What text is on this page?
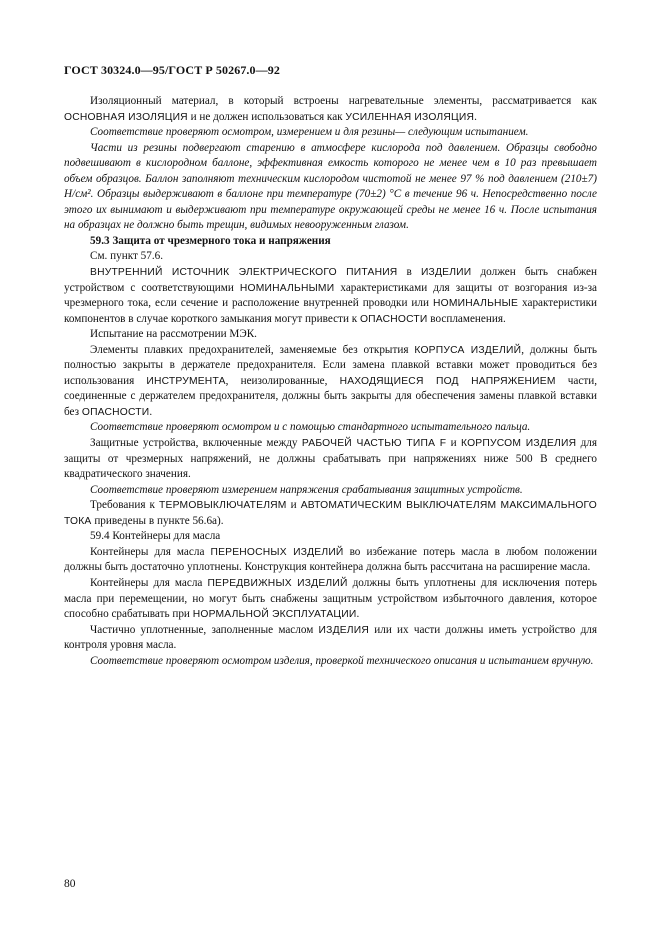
ГОСТ 30324.0—95/ГОСТ Р 50267.0—92

Изоляционный материал, в который встроены нагревательные элементы, рассматривается как ОСНОВНАЯ ИЗОЛЯЦИЯ и не должен использоваться как УСИЛЕННАЯ ИЗОЛЯЦИЯ.

Соответствие проверяют осмотром, измерением и для резины— следующим испытанием.

Части из резины подвергают старению в атмосфере кислорода под давлением. Образцы свободно подвешивают в кислородном баллоне, эффективная емкость которого не менее чем в 10 раз превышает объем образцов. Баллон заполняют техническим кислородом чистотой не менее 97 % под давлением (210±7) Н/см². Образцы выдерживают в баллоне при температуре (70±2) °С в течение 96 ч. Непосредственно после этого их вынимают и выдерживают при температуре окружающей среды не менее 16 ч. После испытания на образцах не должно быть трещин, видимых невооруженным глазом.

59.3 Защита от чрезмерного тока и напряжения

См. пункт 57.6.

ВНУТРЕННИЙ ИСТОЧНИК ЭЛЕКТРИЧЕСКОГО ПИТАНИЯ в ИЗДЕЛИИ должен быть снабжен устройством с соответствующими НОМИНАЛЬНЫМИ характеристиками для защиты от возгорания из-за чрезмерного тока, если сечение и расположение внутренней проводки или НОМИНАЛЬНЫЕ характеристики компонентов в случае короткого замыкания могут привести к ОПАСНОСТИ воспламенения.

Испытание на рассмотрении МЭК.

Элементы плавких предохранителей, заменяемые без открытия КОРПУСА ИЗДЕЛИЙ, должны быть полностью закрыты в держателе предохранителя. Если замена плавкой вставки может проводиться без использования ИНСТРУМЕНТА, неизолированные, НАХОДЯЩИЕСЯ ПОД НАПРЯЖЕНИЕМ части, соединенные с держателем предохранителя, должны быть закрыты для обеспечения замены плавкой вставки без ОПАСНОСТИ.

Соответствие проверяют осмотром и с помощью стандартного испытательного пальца.

Защитные устройства, включенные между РАБОЧЕЙ ЧАСТЬЮ ТИПА F и КОРПУСОМ ИЗДЕЛИЯ для защиты от чрезмерных напряжений, не должны срабатывать при напряжениях ниже 500 В среднего квадратического значения.

Соответствие проверяют измерением напряжения срабатывания защитных устройств.

Требования к ТЕРМОВЫКЛЮЧАТЕЛЯМ и АВТОМАТИЧЕСКИМ ВЫКЛЮЧАТЕЛЯМ МАКСИМАЛЬНОГО ТОКА приведены в пункте 56.6а).

59.4 Контейнеры для масла

Контейнеры для масла ПЕРЕНОСНЫХ ИЗДЕЛИЙ во избежание потерь масла в любом положении должны быть достаточно уплотнены. Конструкция контейнера должна быть рассчитана на расширение масла.

Контейнеры для масла ПЕРЕДВИЖНЫХ ИЗДЕЛИЙ должны быть уплотнены для исключения потерь масла при перемещении, но могут быть снабжены защитным устройством избыточного давления, которое способно срабатывать при НОРМАЛЬНОЙ ЭКСПЛУАТАЦИИ.

Частично уплотненные, заполненные маслом ИЗДЕЛИЯ или их части должны иметь устройство для контроля уровня масла.

Соответствие проверяют осмотром изделия, проверкой технического описания и испытанием вручную.

80
